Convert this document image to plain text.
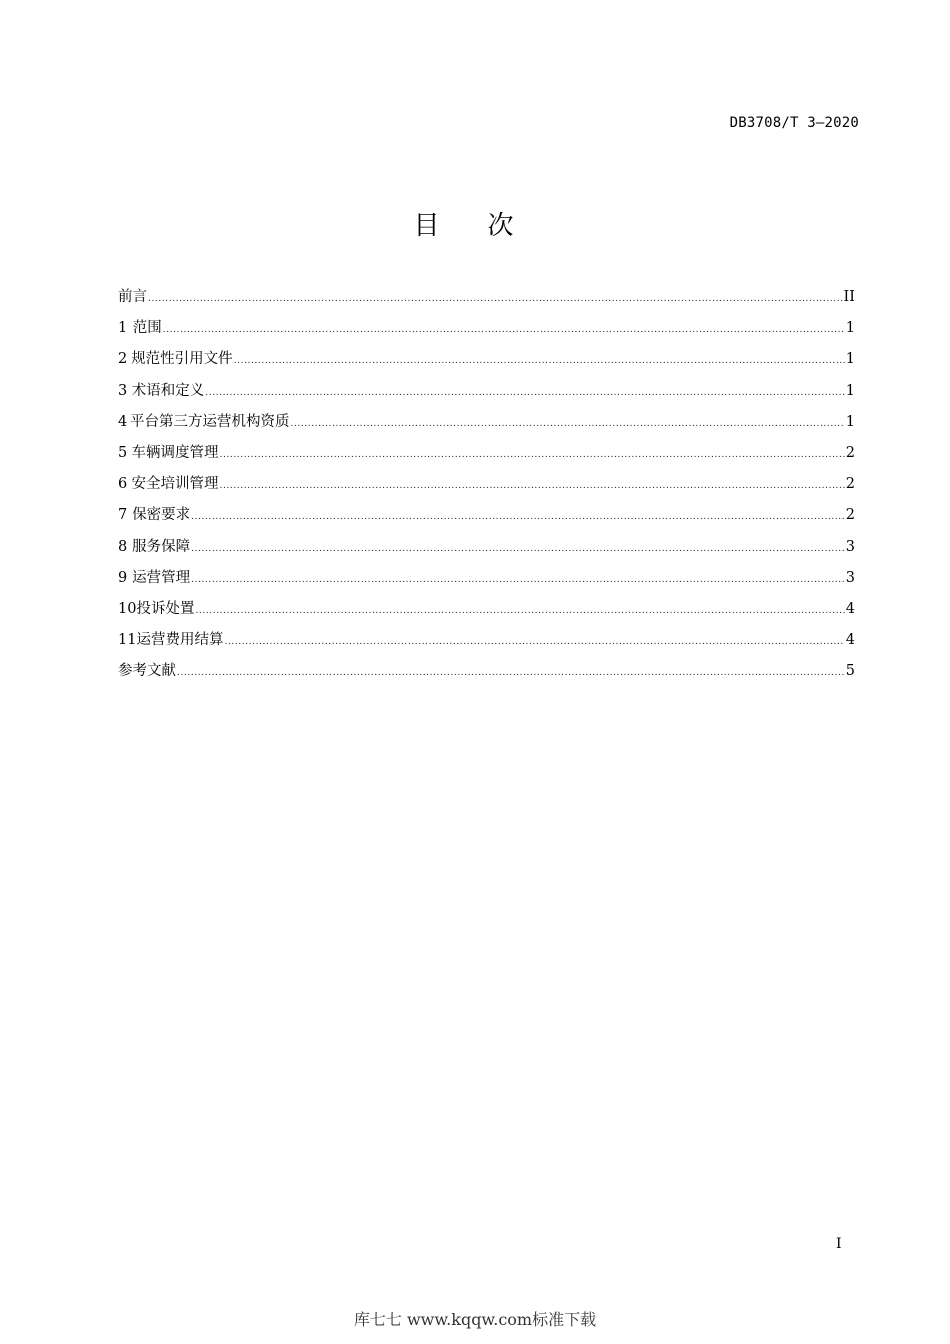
DB3708/T 3—2020
目次
前言 .....	II
1 范围 .....	1
2 规范性引用文件 .....	1
3 术语和定义 .....	1
4 平台第三方运营机构资质 .....	1
5 车辆调度管理 .....	2
6 安全培训管理 .....	2
7 保密要求 .....	2
8 服务保障 .....	3
9 运营管理 .....	3
10 投诉处置 .....	4
11 运营费用结算 .....	4
参考文献 .....	5
I
库七七 www.kqqw.com标准下载
